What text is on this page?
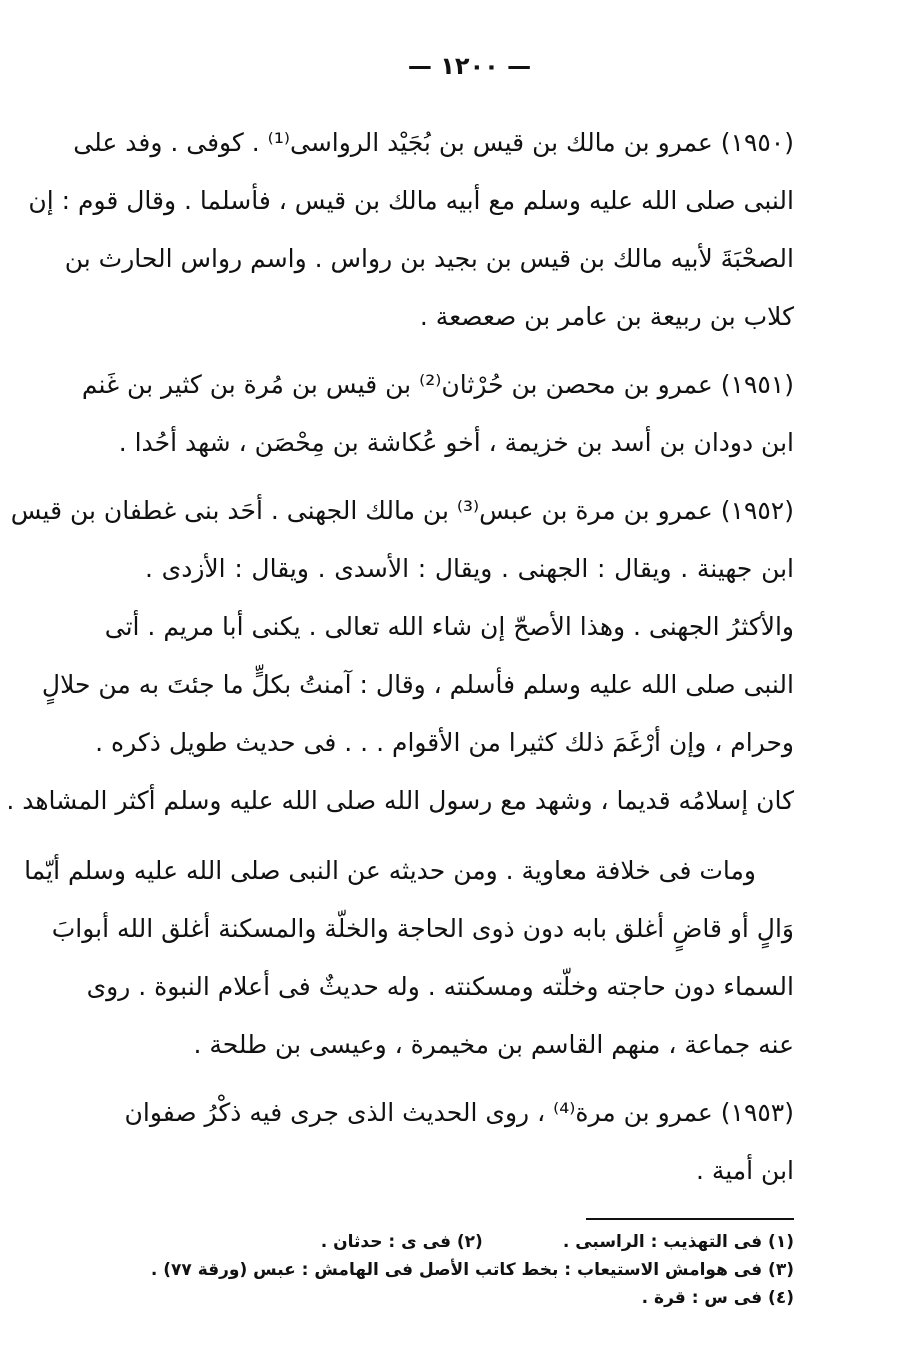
— ١٢٠٠ —
(١٩٥٠) عمرو بن مالك بن قيس بن بُجَيْد الرواسى⁽¹⁾ . كوفى . وفد على
النبى صلى الله عليه وسلم مع أبيه مالك بن قيس ، فأسلما . وقال قوم : إن
الصحْبَةَ لأبيه مالك بن قيس بن بجيد بن رواس . واسم رواس الحارث بن
كلاب بن ربيعة بن عامر بن صعصعة .
(١٩٥١) عمرو بن محصن بن حُرْثان⁽²⁾ بن قيس بن مُرة بن كثير بن غَنم
ابن دودان بن أسد بن خزيمة ، أخو عُكاشة بن مِحْصَن ، شهد أحُدا .
(١٩٥٢) عمرو بن مرة بن عبس⁽³⁾ بن مالك الجهنى . أحَد بنى غطفان بن قيس
ابن جهينة . ويقال : الجهنى . ويقال : الأسدى . ويقال : الأزدى .
والأكثرُ الجهنى . وهذا الأصحّ إن شاء الله تعالى . يكنى أبا مريم . أتى
النبى صلى الله عليه وسلم فأسلم ، وقال : آمنتُ بكلٍّ ما جئتَ به من حلالٍ
وحرام ، وإن أرْغَمَ ذلك كثيرا من الأقوام . . . فى حديث طويل ذكره .
كان إسلامُه قديما ، وشهد مع رسول الله صلى الله عليه وسلم أكثر المشاهد .
ومات فى خلافة معاوية . ومن حديثه عن النبى صلى الله عليه وسلم أيّما
وَالٍ أو قاضٍ أغلق بابه دون ذوى الحاجة والخلّة والمسكنة أغلق الله أبوابَ
السماء دون حاجته وخلّته ومسكنته . وله حديثٌ فى أعلام النبوة . روى
عنه جماعة ، منهم القاسم بن مخيمرة ، وعيسى بن طلحة .
(١٩٥٣) عمرو بن مرة⁽⁴⁾ ، روى الحديث الذى جرى فيه ذكْرُ صفوان
ابن أمية .
(١) فى التهذيب : الراسبى .
(٢) فى ى : حدثان .
(٣) فى هوامش الاستيعاب : بخط كاتب الأصل فى الهامش : عبس (ورقة ٧٧) .
(٤) فى س : قرة .
